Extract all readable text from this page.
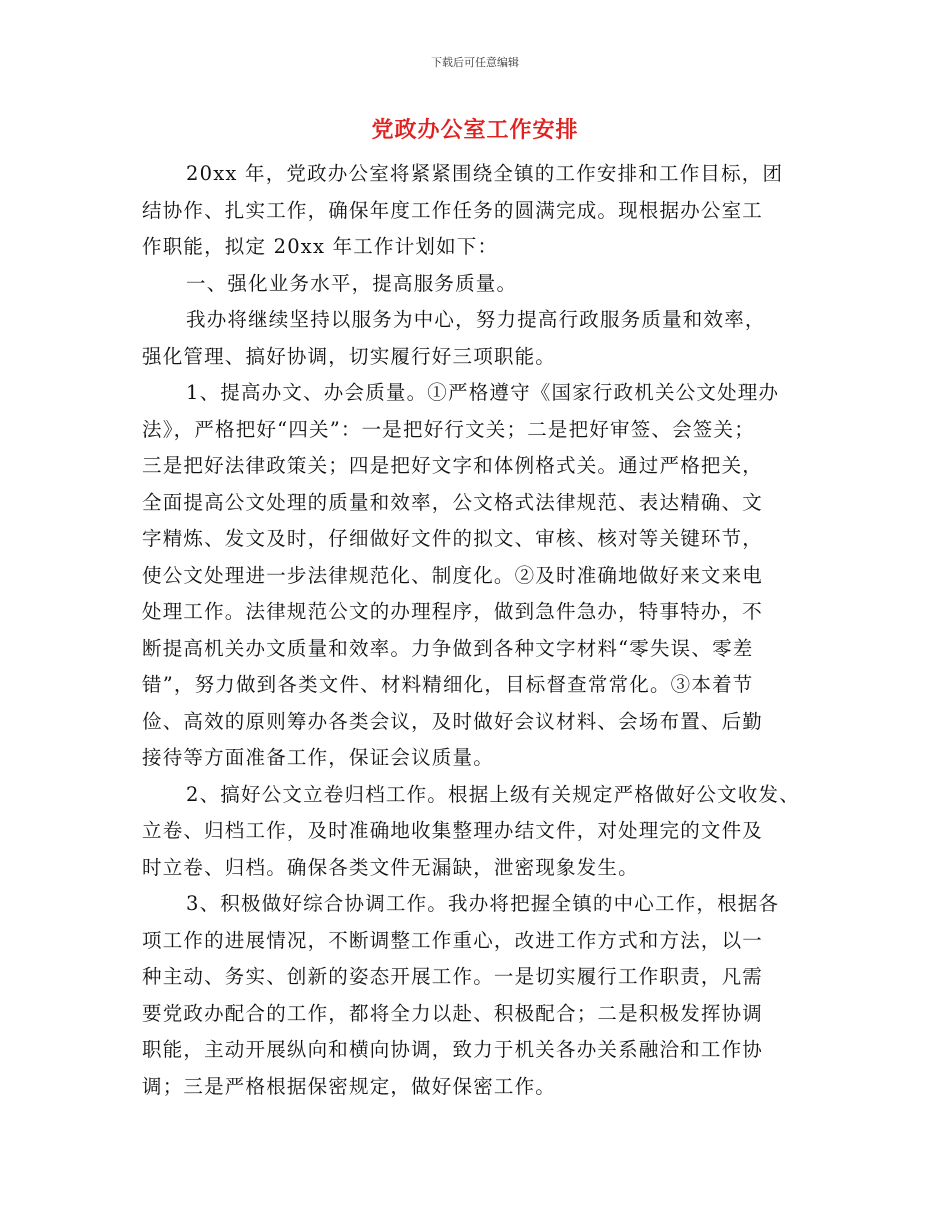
下载后可任意编辑
党政办公室工作安排

20xx 年，党政办公室将紧紧围绕全镇的工作安排和工作目标，团
结协作、扎实工作，确保年度工作任务的圆满完成。现根据办公室工
作职能，拟定 20xx 年工作计划如下：

一、强化业务水平，提高服务质量。

我办将继续坚持以服务为中心，努力提高行政服务质量和效率，
强化管理、搞好协调，切实履行好三项职能。

1、提高办文、办会质量。①严格遵守《国家行政机关公文处理办
法》，严格把好“四关”：一是把好行文关；二是把好审签、会签关；
三是把好法律政策关；四是把好文字和体例格式关。通过严格把关，
全面提高公文处理的质量和效率，公文格式法律规范、表达精确、文
字精炼、发文及时，仔细做好文件的拟文、审核、核对等关键环节，
使公文处理进一步法律规范化、制度化。②及时准确地做好来文来电
处理工作。法律规范公文的办理程序，做到急件急办，特事特办，不
断提高机关办文质量和效率。力争做到各种文字材料“零失误、零差
错”，努力做到各类文件、材料精细化，目标督查常常化。③本着节
俭、高效的原则筹办各类会议，及时做好会议材料、会场布置、后勤
接待等方面准备工作，保证会议质量。

2、搞好公文立卷归档工作。根据上级有关规定严格做好公文收发、
立卷、归档工作，及时准确地收集整理办结文件，对处理完的文件及
时立卷、归档。确保各类文件无漏缺，泄密现象发生。

3、积极做好综合协调工作。我办将把握全镇的中心工作，根据各
项工作的进展情况，不断调整工作重心，改进工作方式和方法，以一
种主动、务实、创新的姿态开展工作。一是切实履行工作职责，凡需
要党政办配合的工作，都将全力以赴、积极配合；二是积极发挥协调
职能，主动开展纵向和横向协调，致力于机关各办关系融洽和工作协
调；三是严格根据保密规定，做好保密工作。
